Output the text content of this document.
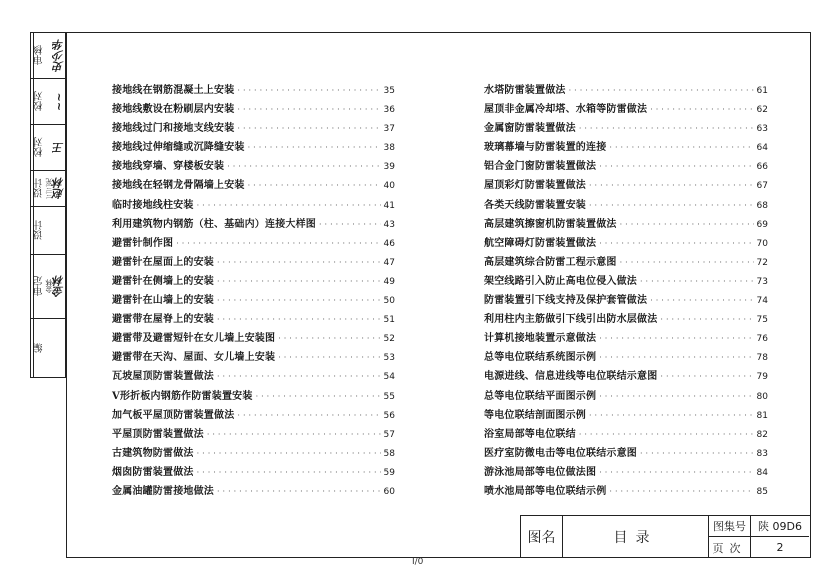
审核 史少华
校对 ~~
校对 王
设计 三三光 赵林
设计
审定 金林 金林
编
接地线在钢筋混凝土上安装 ·····	35
接地线敷设在粉刷层内安装 ·····	36
接地线过门和接地支线安装 ·····	37
接地线过伸缩缝或沉降缝安装 ·····	38
接地线穿墙、穿楼板安装 ·····	39
接地线在轻钢龙骨隔墙上安装 ·····	40
临时接地线柱安装 ·····	41
利用建筑物内钢筋（柱、基础内）连接大样图 ·····	43
避雷针制作图 ·····	46
避雷针在屋面上的安装 ·····	47
避雷针在侧墙上的安装 ·····	49
避雷针在山墙上的安装 ·····	50
避雷带在屋脊上的安装 ·····	51
避雷带及避雷短针在女儿墙上安装图 ·····	52
避雷带在天沟、屋面、女儿墙上安装 ·····	53
瓦坡屋顶防雷装置做法 ·····	54
V形折板内钢筋作防雷装置安装 ·····	55
加气板平屋顶防雷装置做法 ·····	56
平屋顶防雷装置做法 ·····	57
古建筑物防雷做法 ·····	58
烟囱防雷装置做法 ·····	59
金属油罐防雷接地做法 ·····	60
水塔防雷装置做法 ·····	61
屋顶非金属冷却塔、水箱等防雷做法 ·····	62
金属窗防雷装置做法 ·····	63
玻璃幕墙与防雷装置的连接 ·····	64
铝合金门窗防雷装置做法 ·····	66
屋顶彩灯防雷装置做法 ·····	67
各类天线防雷装置安装 ·····	68
高层建筑擦窗机防雷装置做法 ·····	69
航空障碍灯防雷装置做法 ·····	70
高层建筑综合防雷工程示意图 ·····	72
架空线路引入防止高电位侵入做法 ·····	73
防雷装置引下线支持及保护套管做法 ·····	74
利用柱内主筋做引下线引出防水层做法 ·····	75
计算机接地装置示意做法 ·····	76
总等电位联结系统图示例 ·····	78
电源进线、信息进线等电位联结示意图 ·····	79
总等电位联结平面图示例 ·····	80
等电位联结剖面图示例 ·····	81
浴室局部等电位联结 ·····	82
医疗室防微电击等电位联结示意图 ·····	83
游泳池局部等电位做法图 ·····	84
喷水池局部等电位联结示例 ·····	85
图名	目录
图集号	陕 09D6
页次	2
I/0
